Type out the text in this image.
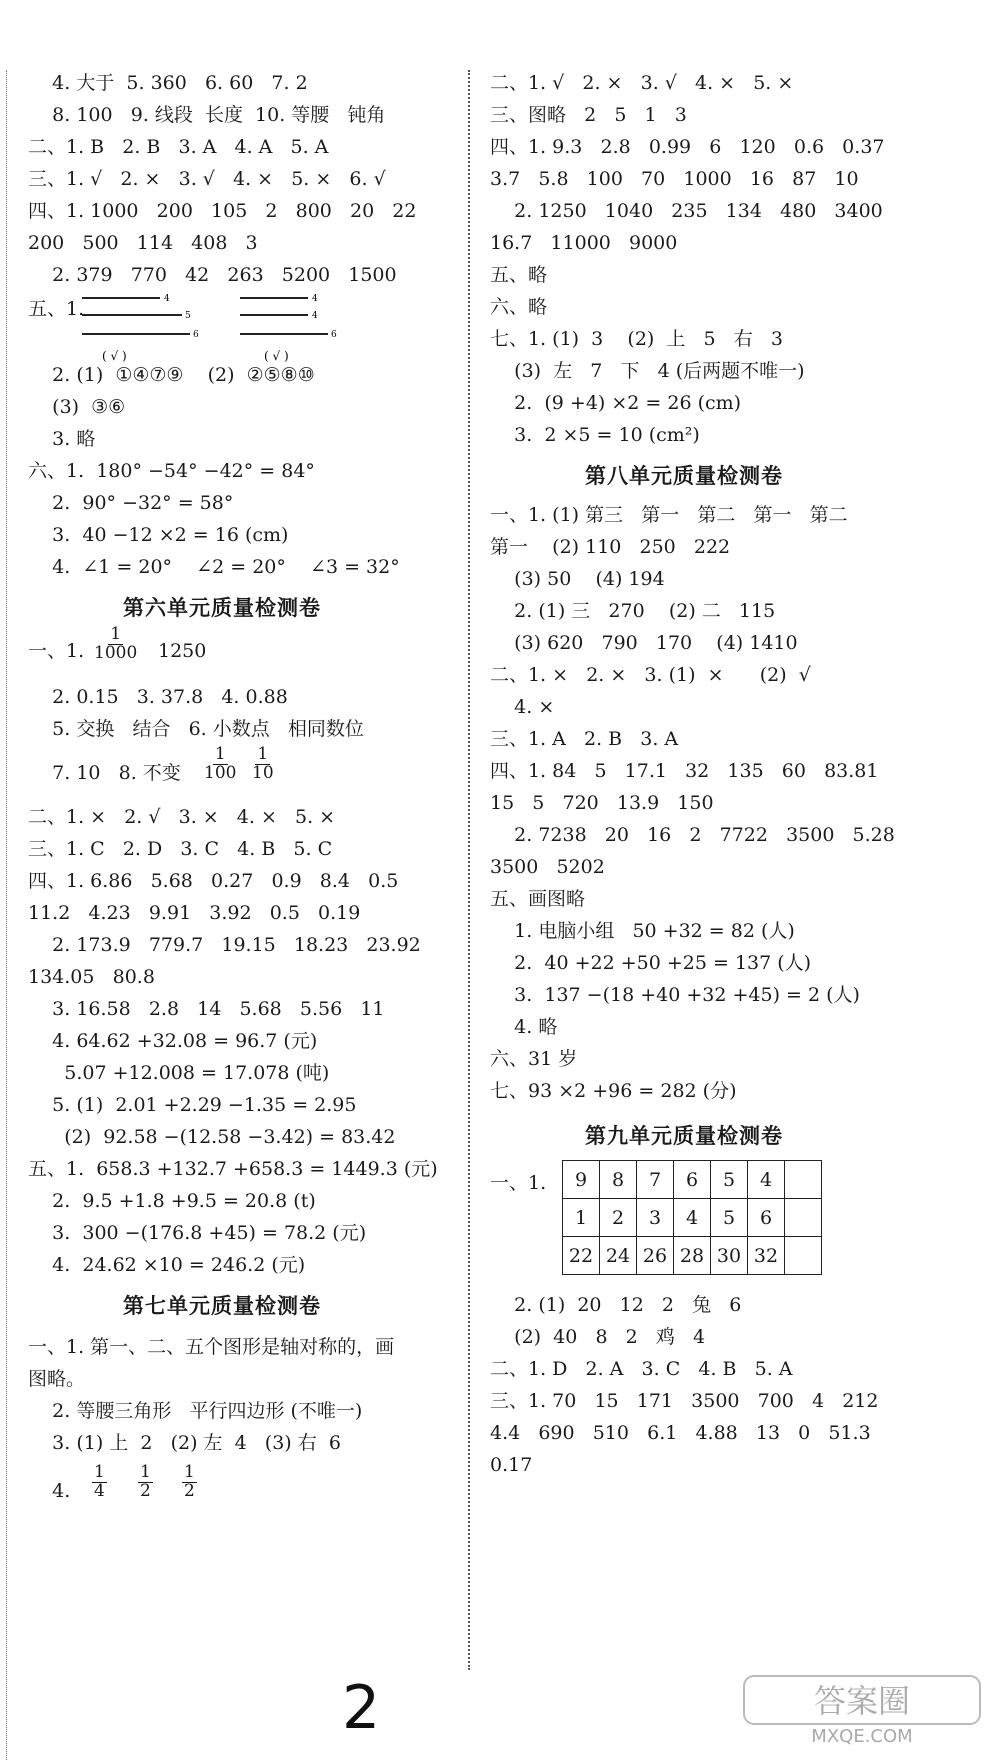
4. 大于  5. 360   6. 60   7. 2
8. 100   9. 线段  长度  10. 等腰   钝角
二、1. B   2. B   3. A   4. A   5. A
三、1. √   2. ×   3. √   4. ×   5. ×   6. √
四、1. 1000   200   105   2   800   20   22
200   500   114   408   3
2. 379   770   42   263   5200   1500
五、1.	4
5
6
4
4
6
( √ )	( √ )
2. (1)  ①④⑦⑨    (2)  ②⑤⑧⑩
(3)  ③⑥
3. 略
六、1.  180° −54° −42° = 84°
2.  90° −32° = 58°
3.  40 −12 ×2 = 16 (cm)
4.  ∠1 = 20°    ∠2 = 20°    ∠3 = 32°
第六单元质量检测卷
一、1. $\frac{1}{1000} 1250$
2. 0.15   3. 37.8   4. 0.88
5. 交换   结合   6. 小数点   相同数位
7. 10   8. 不变 $\frac{1}{100} \frac{1}{10}$
二、1. ×   2. √   3. ×   4. ×   5. ×
三、1. C   2. D   3. C   4. B   5. C
四、1. 6.86   5.68   0.27   0.9   8.4   0.5
11.2   4.23   9.91   3.92   0.5   0.19
2. 173.9   779.7   19.15   18.23   23.92
134.05   80.8
3. 16.58   2.8   14   5.68   5.56   11
4. 64.62 +32.08 = 96.7 (元)
5.07 +12.008 = 17.078 (吨)
5. (1)  2.01 +2.29 −1.35 = 2.95
(2)  92.58 −(12.58 −3.42) = 83.42
五、1.  658.3 +132.7 +658.3 = 1449.3 (元)
2.  9.5 +1.8 +9.5 = 20.8 (t)
3.  300 −(176.8 +45) = 78.2 (元)
4.  24.62 ×10 = 246.2 (元)
第七单元质量检测卷
一、1. 第一、二、五个图形是轴对称的，画
图略。
2. 等腰三角形   平行四边形 (不唯一)
3. (1) 上  2   (2) 左  4   (3) 右  6
4. $\frac{1}{4} \frac{1}{2} \frac{1}{2}$
二、1. √   2. ×   3. √   4. ×   5. ×
三、图略   2   5   1   3
四、1. 9.3   2.8   0.99   6   120   0.6   0.37
3.7   5.8   100   70   1000   16   87   10
2. 1250   1040   235   134   480   3400
16.7   11000   9000
五、略
六、略
七、1. (1)  3    (2)  上   5   右   3
(3)  左   7   下   4 (后两题不唯一)
2.  (9 +4) ×2 = 26 (cm)
3.  2 ×5 = 10 (cm²)
第八单元质量检测卷
一、1. (1) 第三   第一   第二   第一   第二
第一    (2) 110   250   222
(3) 50    (4) 194
2. (1) 三   270    (2) 二   115
(3) 620   790   170    (4) 1410
二、1. ×   2. ×   3. (1)  ×      (2)  √
4. ×
三、1. A   2. B   3. A
四、1. 84   5   17.1   32   135   60   83.81
15   5   720   13.9   150
2. 7238   20   16   2   7722   3500   5.28
3500   5202
五、画图略
1. 电脑小组   50 +32 = 82 (人)
2.  40 +22 +50 +25 = 137 (人)
3.  137 −(18 +40 +32 +45) = 2 (人)
4. 略
六、31 岁
七、93 ×2 +96 = 282 (分)
第九单元质量检测卷
一、1. 9	8	7	6	5	4	
1	2	3	4	5	6	
22	24	26	28	30	32	
2. (1)  20   12   2   兔   6
(2)  40   8   2   鸡   4
二、1. D   2. A   3. C   4. B   5. A
三、1. 70   15   171   3500   700   4   212
4.4   690   510   6.1   4.88   13   0   51.3
0.17
2	答案圈
MXQE.COM
